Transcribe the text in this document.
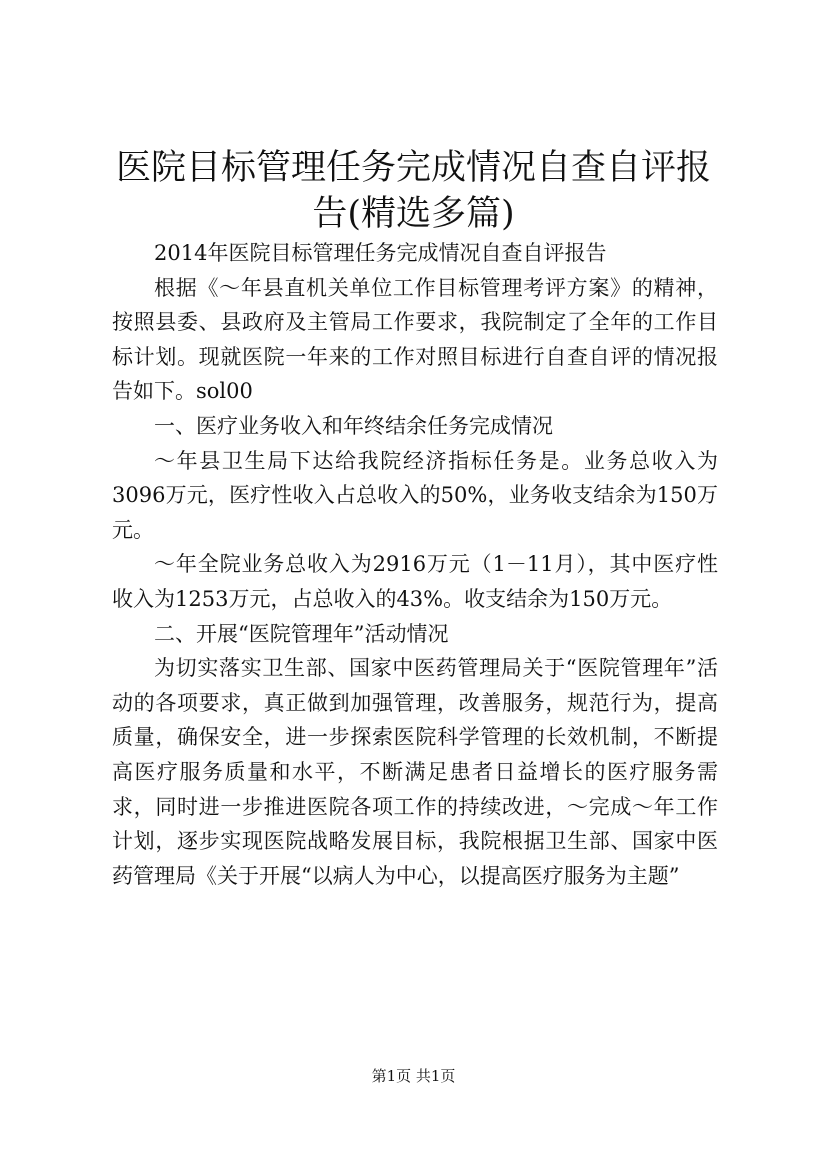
医院目标管理任务完成情况自查自评报告(精选多篇)

2014年医院目标管理任务完成情况自查自评报告

根据《～年县直机关单位工作目标管理考评方案》的精神，按照县委、县政府及主管局工作要求，我院制定了全年的工作目标计划。现就医院一年来的工作对照目标进行自查自评的情况报告如下。sol00

一、医疗业务收入和年终结余任务完成情况

～年县卫生局下达给我院经济指标任务是。业务总收入为3096万元，医疗性收入占总收入的50%，业务收支结余为150万元。

～年全院业务总收入为2916万元（1－11月），其中医疗性收入为1253万元，占总收入的43%。收支结余为150万元。

二、开展“医院管理年”活动情况

为切实落实卫生部、国家中医药管理局关于“医院管理年”活动的各项要求，真正做到加强管理，改善服务，规范行为，提高质量，确保安全，进一步探索医院科学管理的长效机制，不断提高医疗服务质量和水平，不断满足患者日益增长的医疗服务需求，同时进一步推进医院各项工作的持续改进，～完成～年工作计划，逐步实现医院战略发展目标，我院根据卫生部、国家中医药管理局《关于开展“以病人为中心，以提高医疗服务为主题”

第1页 共1页
